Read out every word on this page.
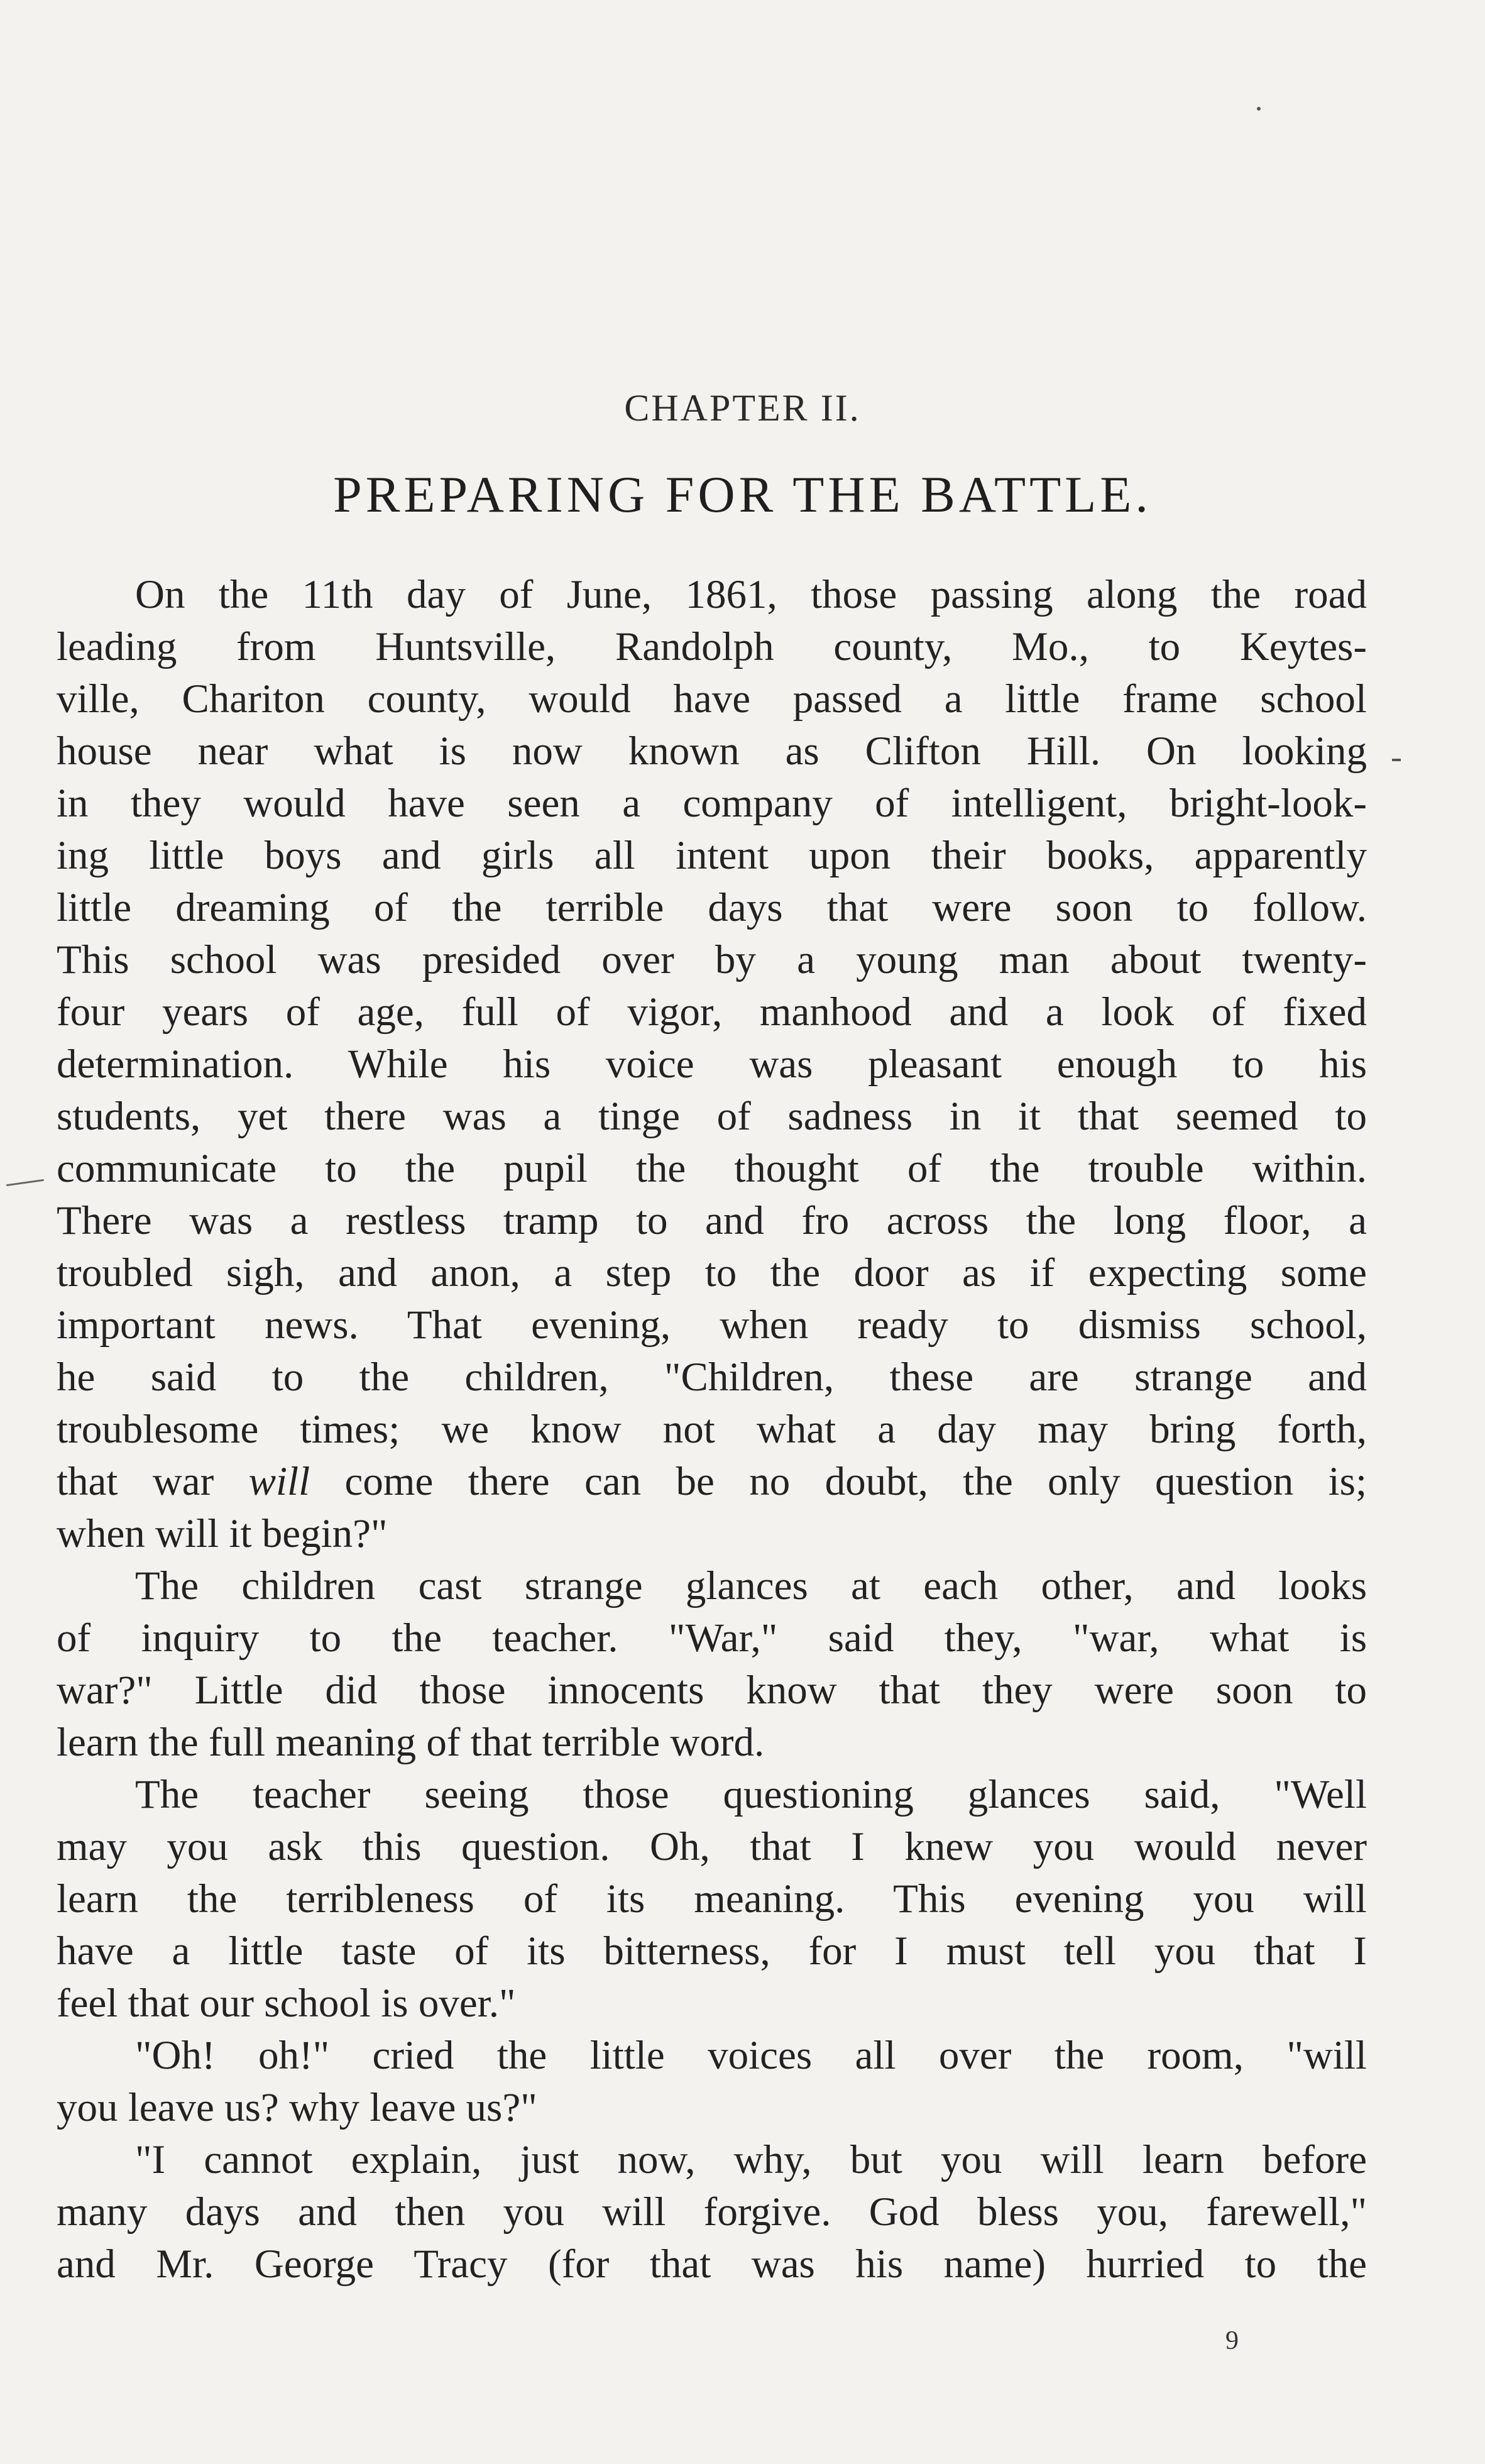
CHAPTER II.
PREPARING FOR THE BATTLE.
On the 11th day of June, 1861, those passing along the road
leading from Huntsville, Randolph county, Mo., to Keytes-
ville, Chariton county, would have passed a little frame school
house near what is now known as Clifton Hill. On looking
in they would have seen a company of intelligent, bright-look-
ing little boys and girls all intent upon their books, apparently
little dreaming of the terrible days that were soon to follow.
This school was presided over by a young man about twenty-
four years of age, full of vigor, manhood and a look of fixed
determination. While his voice was pleasant enough to his
students, yet there was a tinge of sadness in it that seemed to
communicate to the pupil the thought of the trouble within.
There was a restless tramp to and fro across the long floor, a
troubled sigh, and anon, a step to the door as if expecting some
important news. That evening, when ready to dismiss school,
he said to the children, "Children, these are strange and
troublesome times; we know not what a day may bring forth,
that war will come there can be no doubt, the only question is;
when will it begin?"
The children cast strange glances at each other, and looks
of inquiry to the teacher. "War," said they, "war, what is
war?" Little did those innocents know that they were soon to
learn the full meaning of that terrible word.
The teacher seeing those questioning glances said, "Well
may you ask this question. Oh, that I knew you would never
learn the terribleness of its meaning. This evening you will
have a little taste of its bitterness, for I must tell you that I
feel that our school is over."
"Oh! oh!" cried the little voices all over the room, "will
you leave us? why leave us?"
"I cannot explain, just now, why, but you will learn before
many days and then you will forgive. God bless you, farewell,"
and Mr. George Tracy (for that was his name) hurried to the
9
